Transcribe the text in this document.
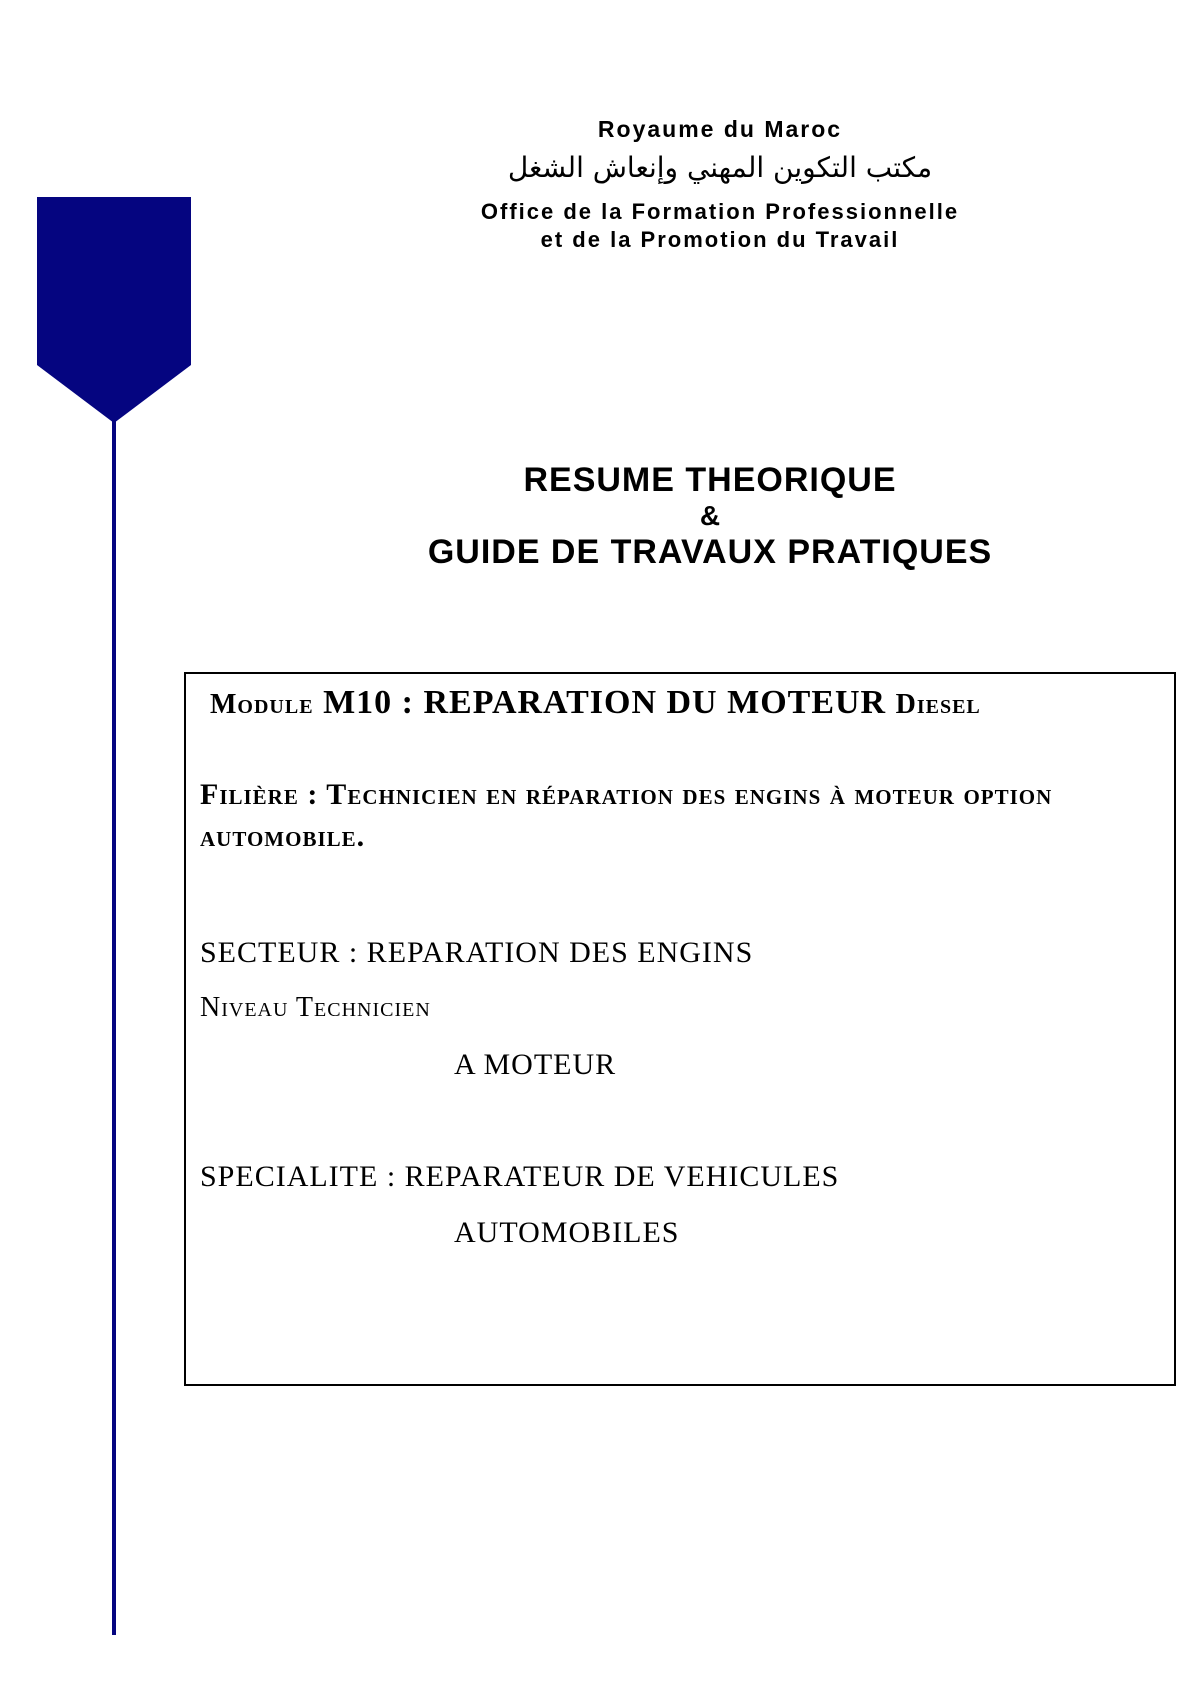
Royaume du Maroc
مكتب التكوين المهني وإنعاش الشغل
Office de la Formation Professionnelle
et de la Promotion du Travail
RESUME THEORIQUE
&
GUIDE DE TRAVAUX PRATIQUES
Module M10 : REPARATION DU MOTEUR Diesel
Filière : Technicien en réparation des engins à moteur option automobile.
SECTEUR : REPARATION DES ENGINS
Niveau Technicien
A MOTEUR
SPECIALITE : REPARATEUR DE VEHICULES
AUTOMOBILES
